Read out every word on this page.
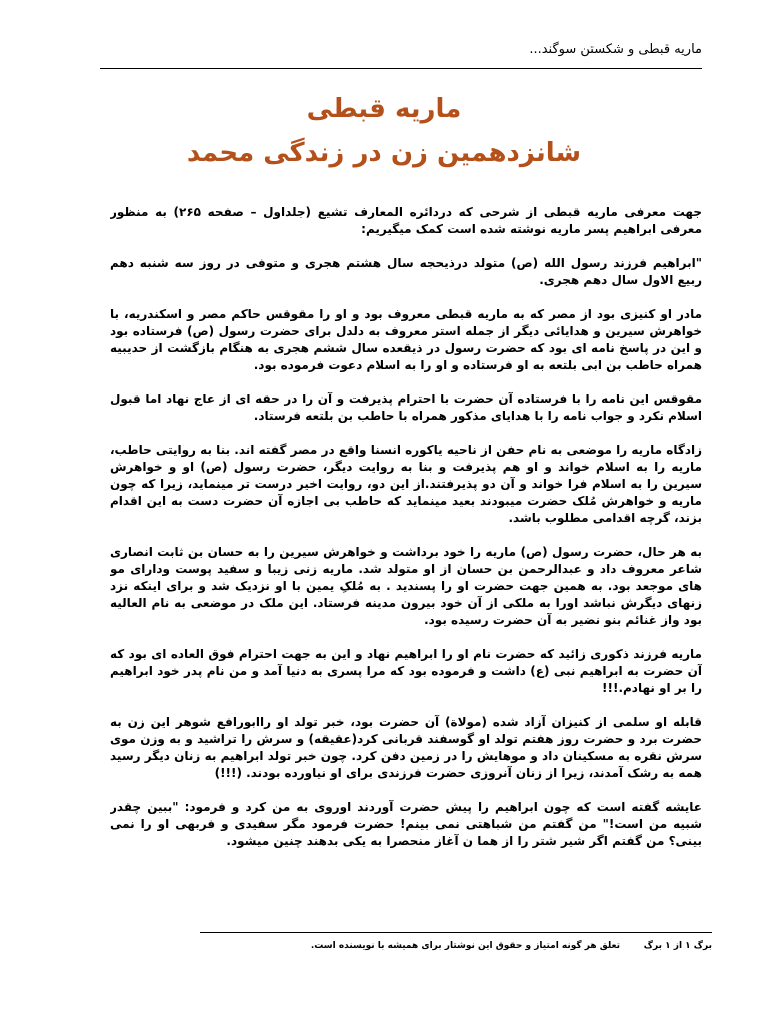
ماریه قبطی و شکستن سوگند...
ماریه قبطی
شانزدهمین زن در زندگی محمد

جهت معرفی ماریه قبطی از شرحی که دردائره المعارف تشیع (جلداول – صفحه ۲۶۵) به منظور معرفی ابراهیم پسر ماریه نوشته شده است کمک میگیریم:

"ابراهیم فرزند رسول الله (ص) متولد درذیحجه سال هشتم هجری و متوفی در روز سه شنبه دهم ربیع الاول سال دهم هجری.

مادر او کنیزی بود از مصر که به ماریه قبطی معروف بود و او را مقوقس حاکم مصر و اسکندریه، با خواهرش سیرین و هدایائی دیگر از جمله استر معروف به دلدل برای حضرت رسول (ص) فرستاده بود و این در پاسخ نامه ای بود که حضرت رسول در ذیقعده سال ششم هجری به هنگام بازگشت از حدیبیه همراه حاطب بن ابی بلتعه به او فرستاده و او را به اسلام دعوت فرموده بود.

مقوقس این نامه را با فرستاده آن حضرت با احترام پذیرفت و آن را در حقه ای از عاج نهاد اما قبول اسلام نکرد و جواب نامه را با هدایای مذکور همراه با حاطب بن بلتعه فرستاد.

زادگاه ماریه را موضعی به نام حفن از ناحیه یاکوره انسنا واقع در مصر گفته اند. بنا به روایتی حاطب، ماریه را به اسلام خواند و او هم پذیرفت و بنا به روایت دیگر، حضرت رسول (ص) او و خواهرش سیرین را به اسلام فرا خواند و آن دو پذیرفتند.از این دو، روایت اخیر درست تر مینماید، زیرا که چون ماریه و خواهرش مُلک حضرت میبودند بعید مینماید که حاطب بی اجازه آن حضرت دست به این اقدام بزند، گرچه اقدامی مطلوب باشد.

به هر حال، حضرت رسول (ص) ماریه را خود برداشت و خواهرش سیرین را به حسان بن ثابت انصاری شاعر معروف داد و عبدالرحمن بن حسان از او متولد شد. ماریه زنی زیبا و سفید پوست ودارای مو های موجعد بود. به همین جهت حضرت او را پسندید . به مُلکِ یمین با او نزدیک شد و برای اینکه نزد زنهای دیگرش نباشد اورا به ملکی از آن خود بیرون مدینه فرستاد. این ملک در موضعی به نام العالیه بود واز غنائم بنو نضیر به آن حضرت رسیده بود.

ماریه فرزند ذکوری زائید که حضرت نام او را ابراهیم نهاد و این به جهت احترام فوق العاده ای بود که آن حضرت به ابراهیم نبی (ع) داشت و فرموده بود که مرا پسری به دنیا آمد و من نام پدر خود ابراهیم را بر او نهادم.!!!

قابله او سلمی از کنیزان آزاد شده (مولاة) آن حضرت بود، خبر تولد او راابورافع شوهر این زن به حضرت برد و حضرت روز هفتم تولد او گوسفند قربانی کرد(عقیقه) و سرش را تراشید و به وزن موی سرش نقره به مسکینان داد و موهایش را در زمین دفن کرد. چون خبر تولد ابراهیم به زنان دیگر رسید همه به رشک آمدند، زیرا از زنان آنروزی حضرت فرزندی برای او نیاورده بودند. (!!!)

عایشه گفته است که چون ابراهیم را پیش حضرت آوردند اوروی به من کرد و فرمود: "ببین چقدر شبیه من است!" من گفتم من شباهتی نمی بینم! حضرت فرمود مگر سفیدی و فربهی او را نمی بینی؟ من گفتم اگر شیر شتر را از هما ن آغاز منحصرا به یکی بدهند چنین میشود.

برگ ۱ از ۱ برگ
تعلق هر گونه امتیاز و حقوق این نوشتار برای همیشه با نویسنده است.
